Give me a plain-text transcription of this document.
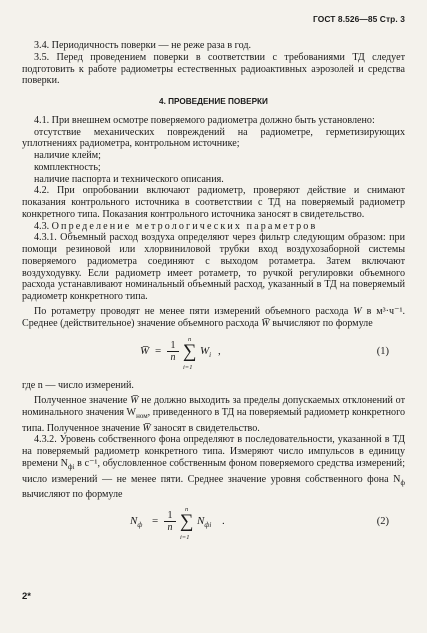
ГОСТ 8.526—85 Стр. 3

3.4. Периодичность поверки — не реже раза в год.

3.5. Перед проведением поверки в соответствии с требованиями ТД следует подготовить к работе радиометры естественных радиоактивных аэрозолей и средства поверки.

4. ПРОВЕДЕНИЕ ПОВЕРКИ

4.1. При внешнем осмотре поверяемого радиометра должно быть установлено:

отсутствие механических повреждений на радиометре, герметизирующих уплотнениях радиометра, контрольном источнике;

наличие клейм;

комплектность;

наличие паспорта и технического описания.

4.2. При опробовании включают радиометр, проверяют действие и снимают показания контрольного источника в соответствии с ТД на поверяемый радиометр конкретного типа. Показания контрольного источника заносят в свидетельство.

4.3. Определение метрологических параметров

4.3.1. Объемный расход воздуха определяют через фильтр следующим образом: при помощи резиновой или хлорвиниловой трубки вход воздухозаборной системы поверяемого радиометра соединяют с выходом ротаметра. Затем включают воздуходувку. Если радиометр имеет ротаметр, то ручкой регулировки объемного расхода устанавливают номинальный объемный расход, указанный в ТД на поверяемый радиометр конкретного типа.

По ротаметру проводят не менее пяти измерений объемного расхода W в м³·ч⁻¹. Среднее (действительное) значение объемного расхода W̅ вычисляют по формуле

W̅ = $\frac{1}{n}$
n
∑
i=1
$W_i$ ,	(1)

где n — число измерений.

Полученное значение W̅ не должно выходить за пределы допускаемых отклонений от номинального значения $W_{ном}$, приведенного в ТД на поверяемый радиометр конкретного типа. Полученное значение W̅ заносят в свидетельство.

4.3.2. Уровень собственного фона определяют в последовательности, указанной в ТД на поверяемый радиометр конкретного типа. Измеряют число импульсов в единицу времени $N_{фi}$ в с⁻¹, обусловленное собственным фоном поверяемого средства измерений; число измерений — не менее пяти. Среднее значение уровня собственного фона $N_ф$ вычисляют по формуле

$N_ф = \frac{1}{n}$
n
∑
i=1
$N_{фi}$ .	(2)
2*
